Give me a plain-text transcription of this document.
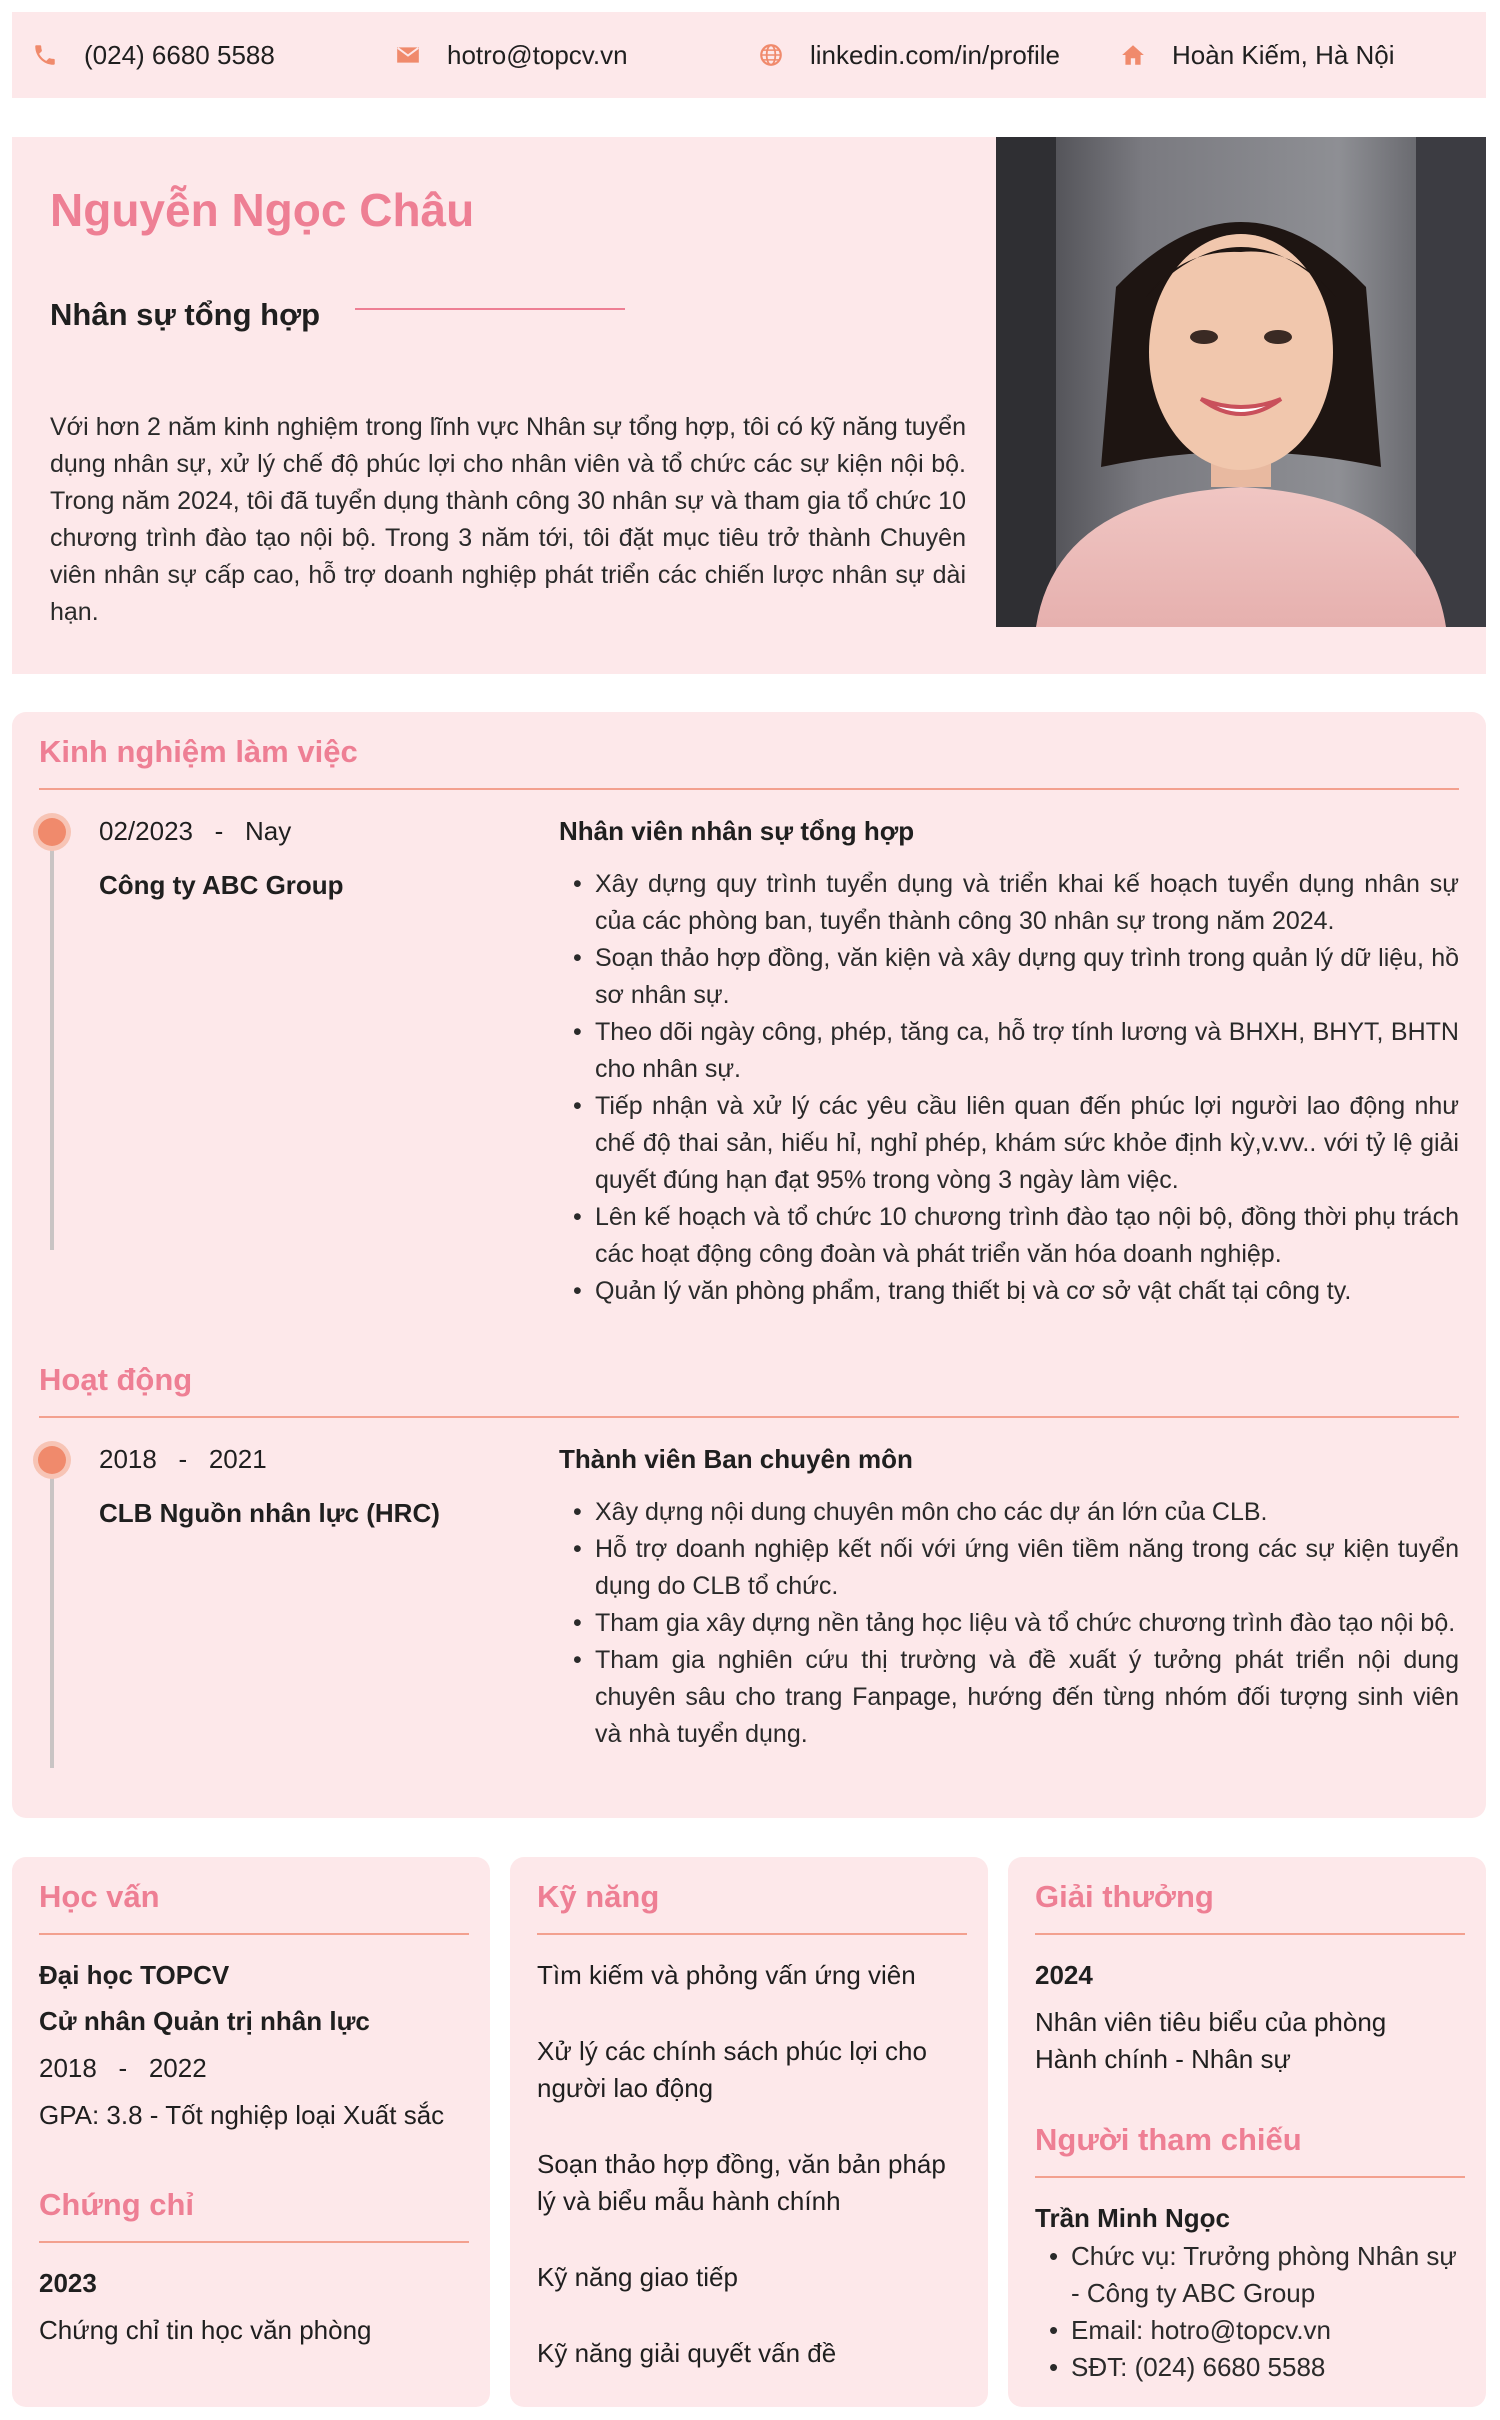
(024) 6680 5588	hotro@topcv.vn	linkedin.com/in/profile	Hoàn Kiếm, Hà Nội
Nguyễn Ngọc Châu
Nhân sự tổng hợp

Với hơn 2 năm kinh nghiệm trong lĩnh vực Nhân sự tổng hợp, tôi có kỹ năng tuyển dụng nhân sự, xử lý chế độ phúc lợi cho nhân viên và tổ chức các sự kiện nội bộ. Trong năm 2024, tôi đã tuyển dụng thành công 30 nhân sự và tham gia tổ chức 10 chương trình đào tạo nội bộ. Trong 3 năm tới, tôi đặt mục tiêu trở thành Chuyên viên nhân sự cấp cao, hỗ trợ doanh nghiệp phát triển các chiến lược nhân sự dài hạn.

Kinh nghiệm làm việc
02/2023   -   Nay
Công ty ABC Group
Nhân viên nhân sự tổng hợp
• Xây dựng quy trình tuyển dụng và triển khai kế hoạch tuyển dụng nhân sự của các phòng ban, tuyển thành công 30 nhân sự trong năm 2024.
• Soạn thảo hợp đồng, văn kiện và xây dựng quy trình trong quản lý dữ liệu, hồ sơ nhân sự.
• Theo dõi ngày công, phép, tăng ca, hỗ trợ tính lương và BHXH, BHYT, BHTN cho nhân sự.
• Tiếp nhận và xử lý các yêu cầu liên quan đến phúc lợi người lao động như chế độ thai sản, hiếu hỉ, nghỉ phép, khám sức khỏe định kỳ,v.vv.. với tỷ lệ giải quyết đúng hạn đạt 95% trong vòng 3 ngày làm việc.
• Lên kế hoạch và tổ chức 10 chương trình đào tạo nội bộ, đồng thời phụ trách các hoạt động công đoàn và phát triển văn hóa doanh nghiệp.
• Quản lý văn phòng phẩm, trang thiết bị và cơ sở vật chất tại công ty.
Hoạt động
2018   -   2021
CLB Nguồn nhân lực (HRC)
Thành viên Ban chuyên môn
• Xây dựng nội dung chuyên môn cho các dự án lớn của CLB.
• Hỗ trợ doanh nghiệp kết nối với ứng viên tiềm năng trong các sự kiện tuyển dụng do CLB tổ chức.
• Tham gia xây dựng nền tảng học liệu và tổ chức chương trình đào tạo nội bộ.
• Tham gia nghiên cứu thị trường và đề xuất ý tưởng phát triển nội dung chuyên sâu cho trang Fanpage, hướng đến từng nhóm đối tượng sinh viên và nhà tuyển dụng.
Học vấn
Đại học TOPCV
Cử nhân Quản trị nhân lực
2018   -   2022
GPA: 3.8 - Tốt nghiệp loại Xuất sắc
Chứng chỉ
2023
Chứng chỉ tin học văn phòng
Kỹ năng
Tìm kiếm và phỏng vấn ứng viên
Xử lý các chính sách phúc lợi cho người lao động
Soạn thảo hợp đồng, văn bản pháp lý và biểu mẫu hành chính
Kỹ năng giao tiếp
Kỹ năng giải quyết vấn đề
Giải thưởng
2024
Nhân viên tiêu biểu của phòng Hành chính - Nhân sự
Người tham chiếu
Trần Minh Ngọc
• Chức vụ: Trưởng phòng Nhân sự - Công ty ABC Group
• Email: hotro@topcv.vn
• SĐT: (024) 6680 5588
